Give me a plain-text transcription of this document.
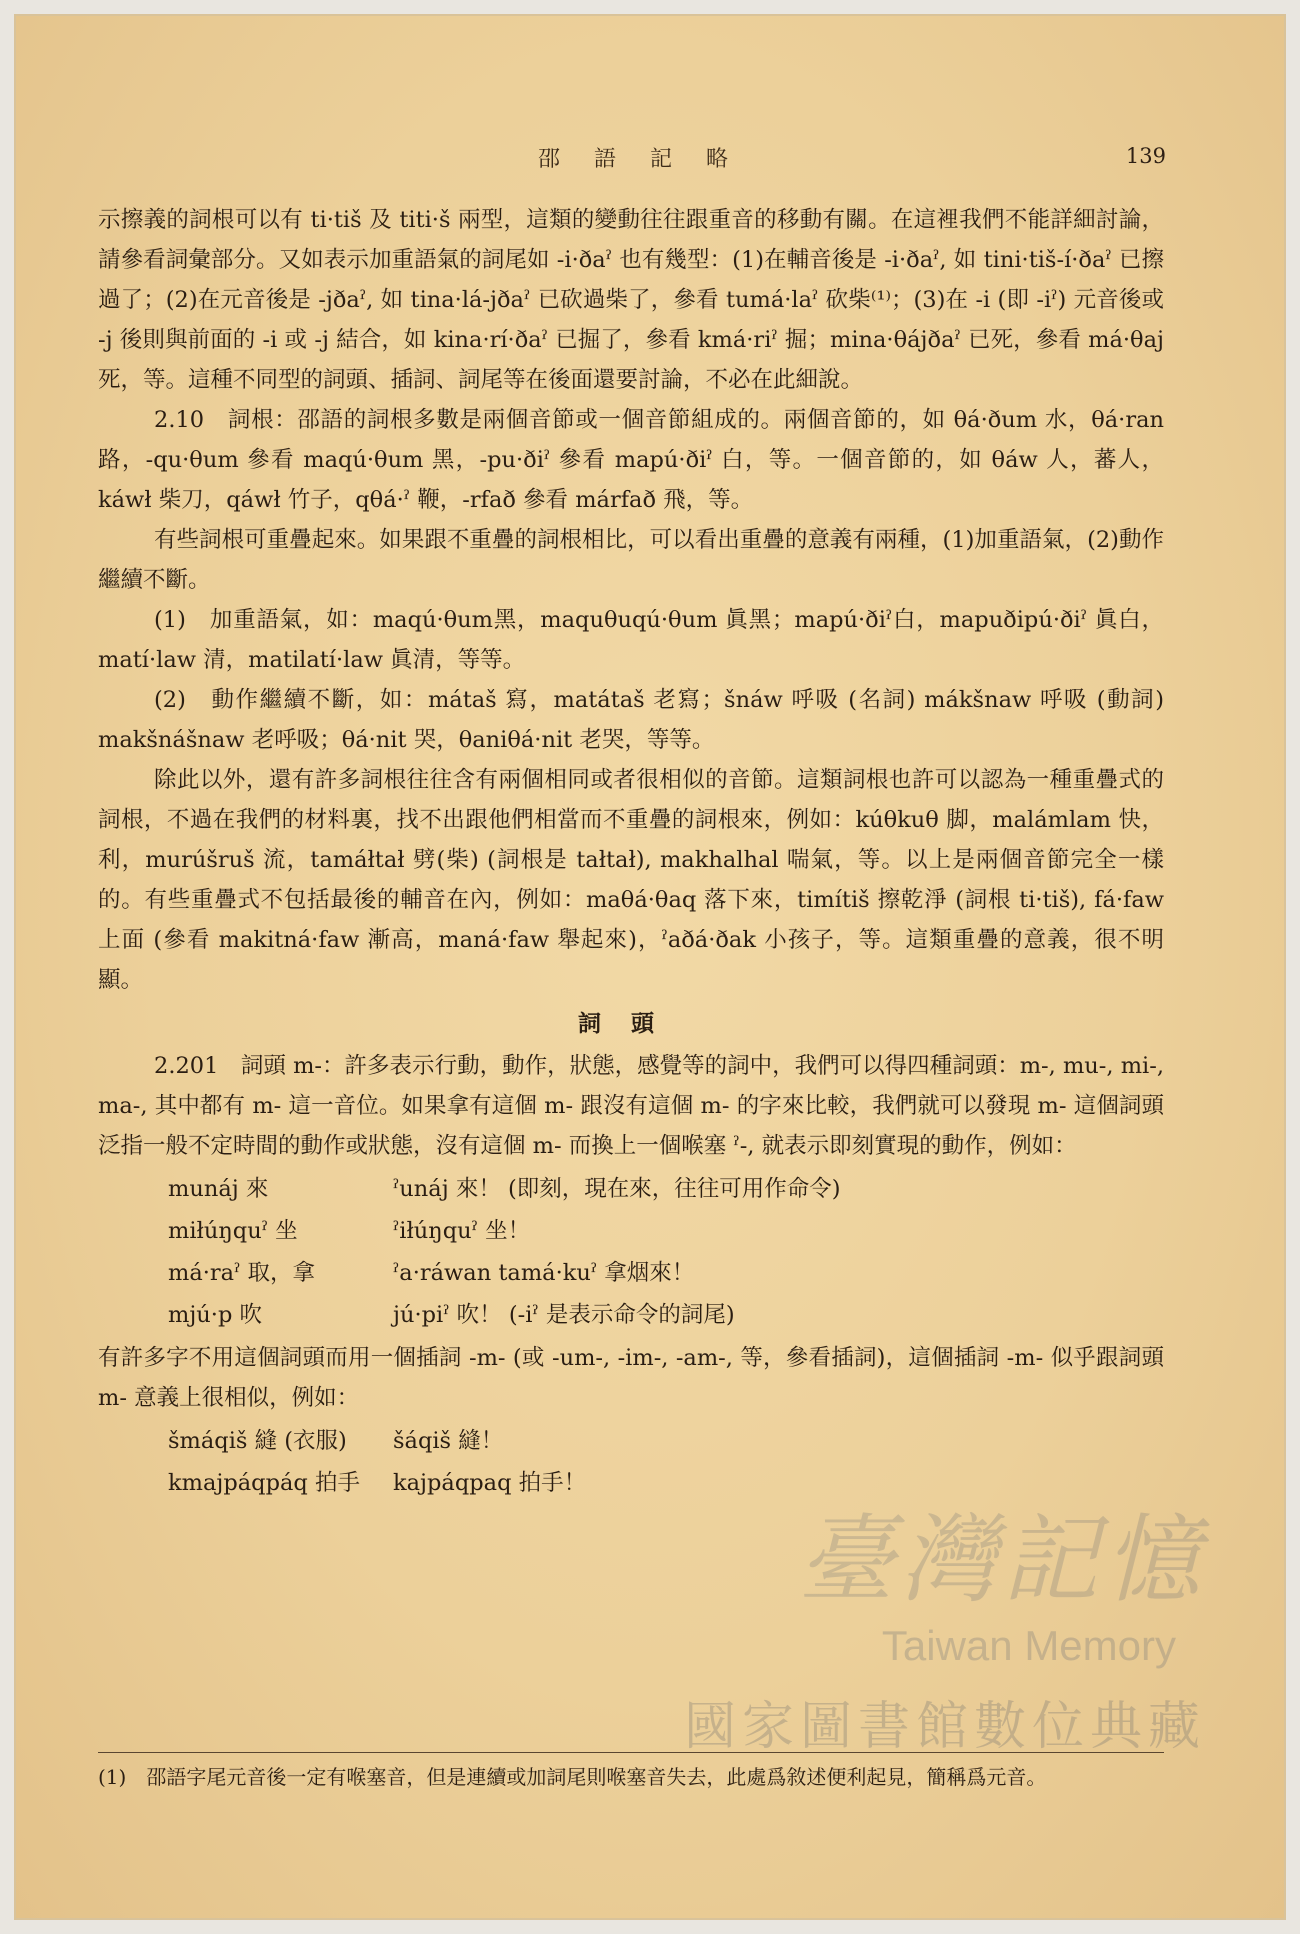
邵語記略	139

示擦義的詞根可以有 ti·tiš 及 titi·š 兩型，這類的變動往往跟重音的移動有關。在這裡我們不能詳細討論，請參看詞彙部分。又如表示加重語氣的詞尾如 -i·ðaˀ 也有幾型：(1)在輔音後是 -i·ðaˀ, 如 tini·tiš-í·ðaˀ 已擦過了；(2)在元音後是 -jðaˀ, 如 tina·lá-jðaˀ 已砍過柴了，參看 tumá·laˀ 砍柴⁽¹⁾；(3)在 -i (即 -iˀ) 元音後或 -j 後則與前面的 -i 或 -j 結合，如 kina·rí·ðaˀ 已掘了，參看 kmá·riˀ 掘；mina·θájðaˀ 已死，參看 má·θaj 死，等。這種不同型的詞頭、插詞、詞尾等在後面還要討論，不必在此細說。

2.10　詞根：邵語的詞根多數是兩個音節或一個音節組成的。兩個音節的，如 θá·ðum 水，θá·ran 路，-qu·θum 參看 maqú·θum 黑，-pu·ðiˀ 參看 mapú·ðiˀ 白，等。一個音節的，如 θáw 人，蕃人，káwł 柴刀，qáwł 竹子，qθá·ˀ 鞭，-rfað 參看 márfað 飛，等。

有些詞根可重疊起來。如果跟不重疊的詞根相比，可以看出重疊的意義有兩種，(1)加重語氣，(2)動作繼續不斷。

(1)　加重語氣，如：maqú·θum黑，maquθuqú·θum 眞黑；mapú·ðiˀ白，mapuðipú·ðiˀ 眞白，matí·law 清，matilatí·law 眞清，等等。

(2)　動作繼續不斷，如：mátaš 寫，matátaš 老寫；šnáw 呼吸 (名詞) mákšnaw 呼吸 (動詞) makšnášnaw 老呼吸；θá·nit 哭，θaniθá·nit 老哭，等等。

除此以外，還有許多詞根往往含有兩個相同或者很相似的音節。這類詞根也許可以認為一種重疊式的詞根，不過在我們的材料裏，找不出跟他們相當而不重疊的詞根來，例如：kúθkuθ 脚，malámlam 快，利，murúšruš 流，tamáłtał 劈(柴) (詞根是 tałtał), makhalhal 喘氣，等。以上是兩個音節完全一樣的。有些重疊式不包括最後的輔音在內，例如：maθá·θaq 落下來，timítiš 擦乾淨 (詞根 ti·tiš), fá·faw 上面 (參看 makitná·faw 漸高，maná·faw 舉起來)，ˀaðá·ðak 小孩子，等。這類重疊的意義，很不明顯。

詞頭

2.201　詞頭 m-：許多表示行動，動作，狀態，感覺等的詞中，我們可以得四種詞頭：m-, mu-, mi-, ma-, 其中都有 m- 這一音位。如果拿有這個 m- 跟沒有這個 m- 的字來比較，我們就可以發現 m- 這個詞頭泛指一般不定時間的動作或狀態，沒有這個 m- 而換上一個喉塞 ˀ-, 就表示即刻實現的動作，例如：

munáj 來	ˀunáj 來！ (即刻，現在來，往往可用作命令)
miłúŋquˀ 坐	ˀiłúŋquˀ 坐！
má·raˀ 取，拿	ˀa·ráwan tamá·kuˀ 拿烟來！
mjú·p 吹	jú·piˀ 吹！ (-iˀ 是表示命令的詞尾)

有許多字不用這個詞頭而用一個插詞 -m- (或 -um-, -im-, -am-, 等，參看插詞)，這個插詞 -m- 似乎跟詞頭 m- 意義上很相似，例如：

šmáqiš 縫 (衣服)	šáqiš 縫！
kmajpáqpáq 拍手	kajpáqpaq 拍手！
(1)　邵語字尾元音後一定有喉塞音，但是連續或加詞尾則喉塞音失去，此處爲敘述便利起見，簡稱爲元音。
臺灣記憶
Taiwan Memory
國家圖書館數位典藏
